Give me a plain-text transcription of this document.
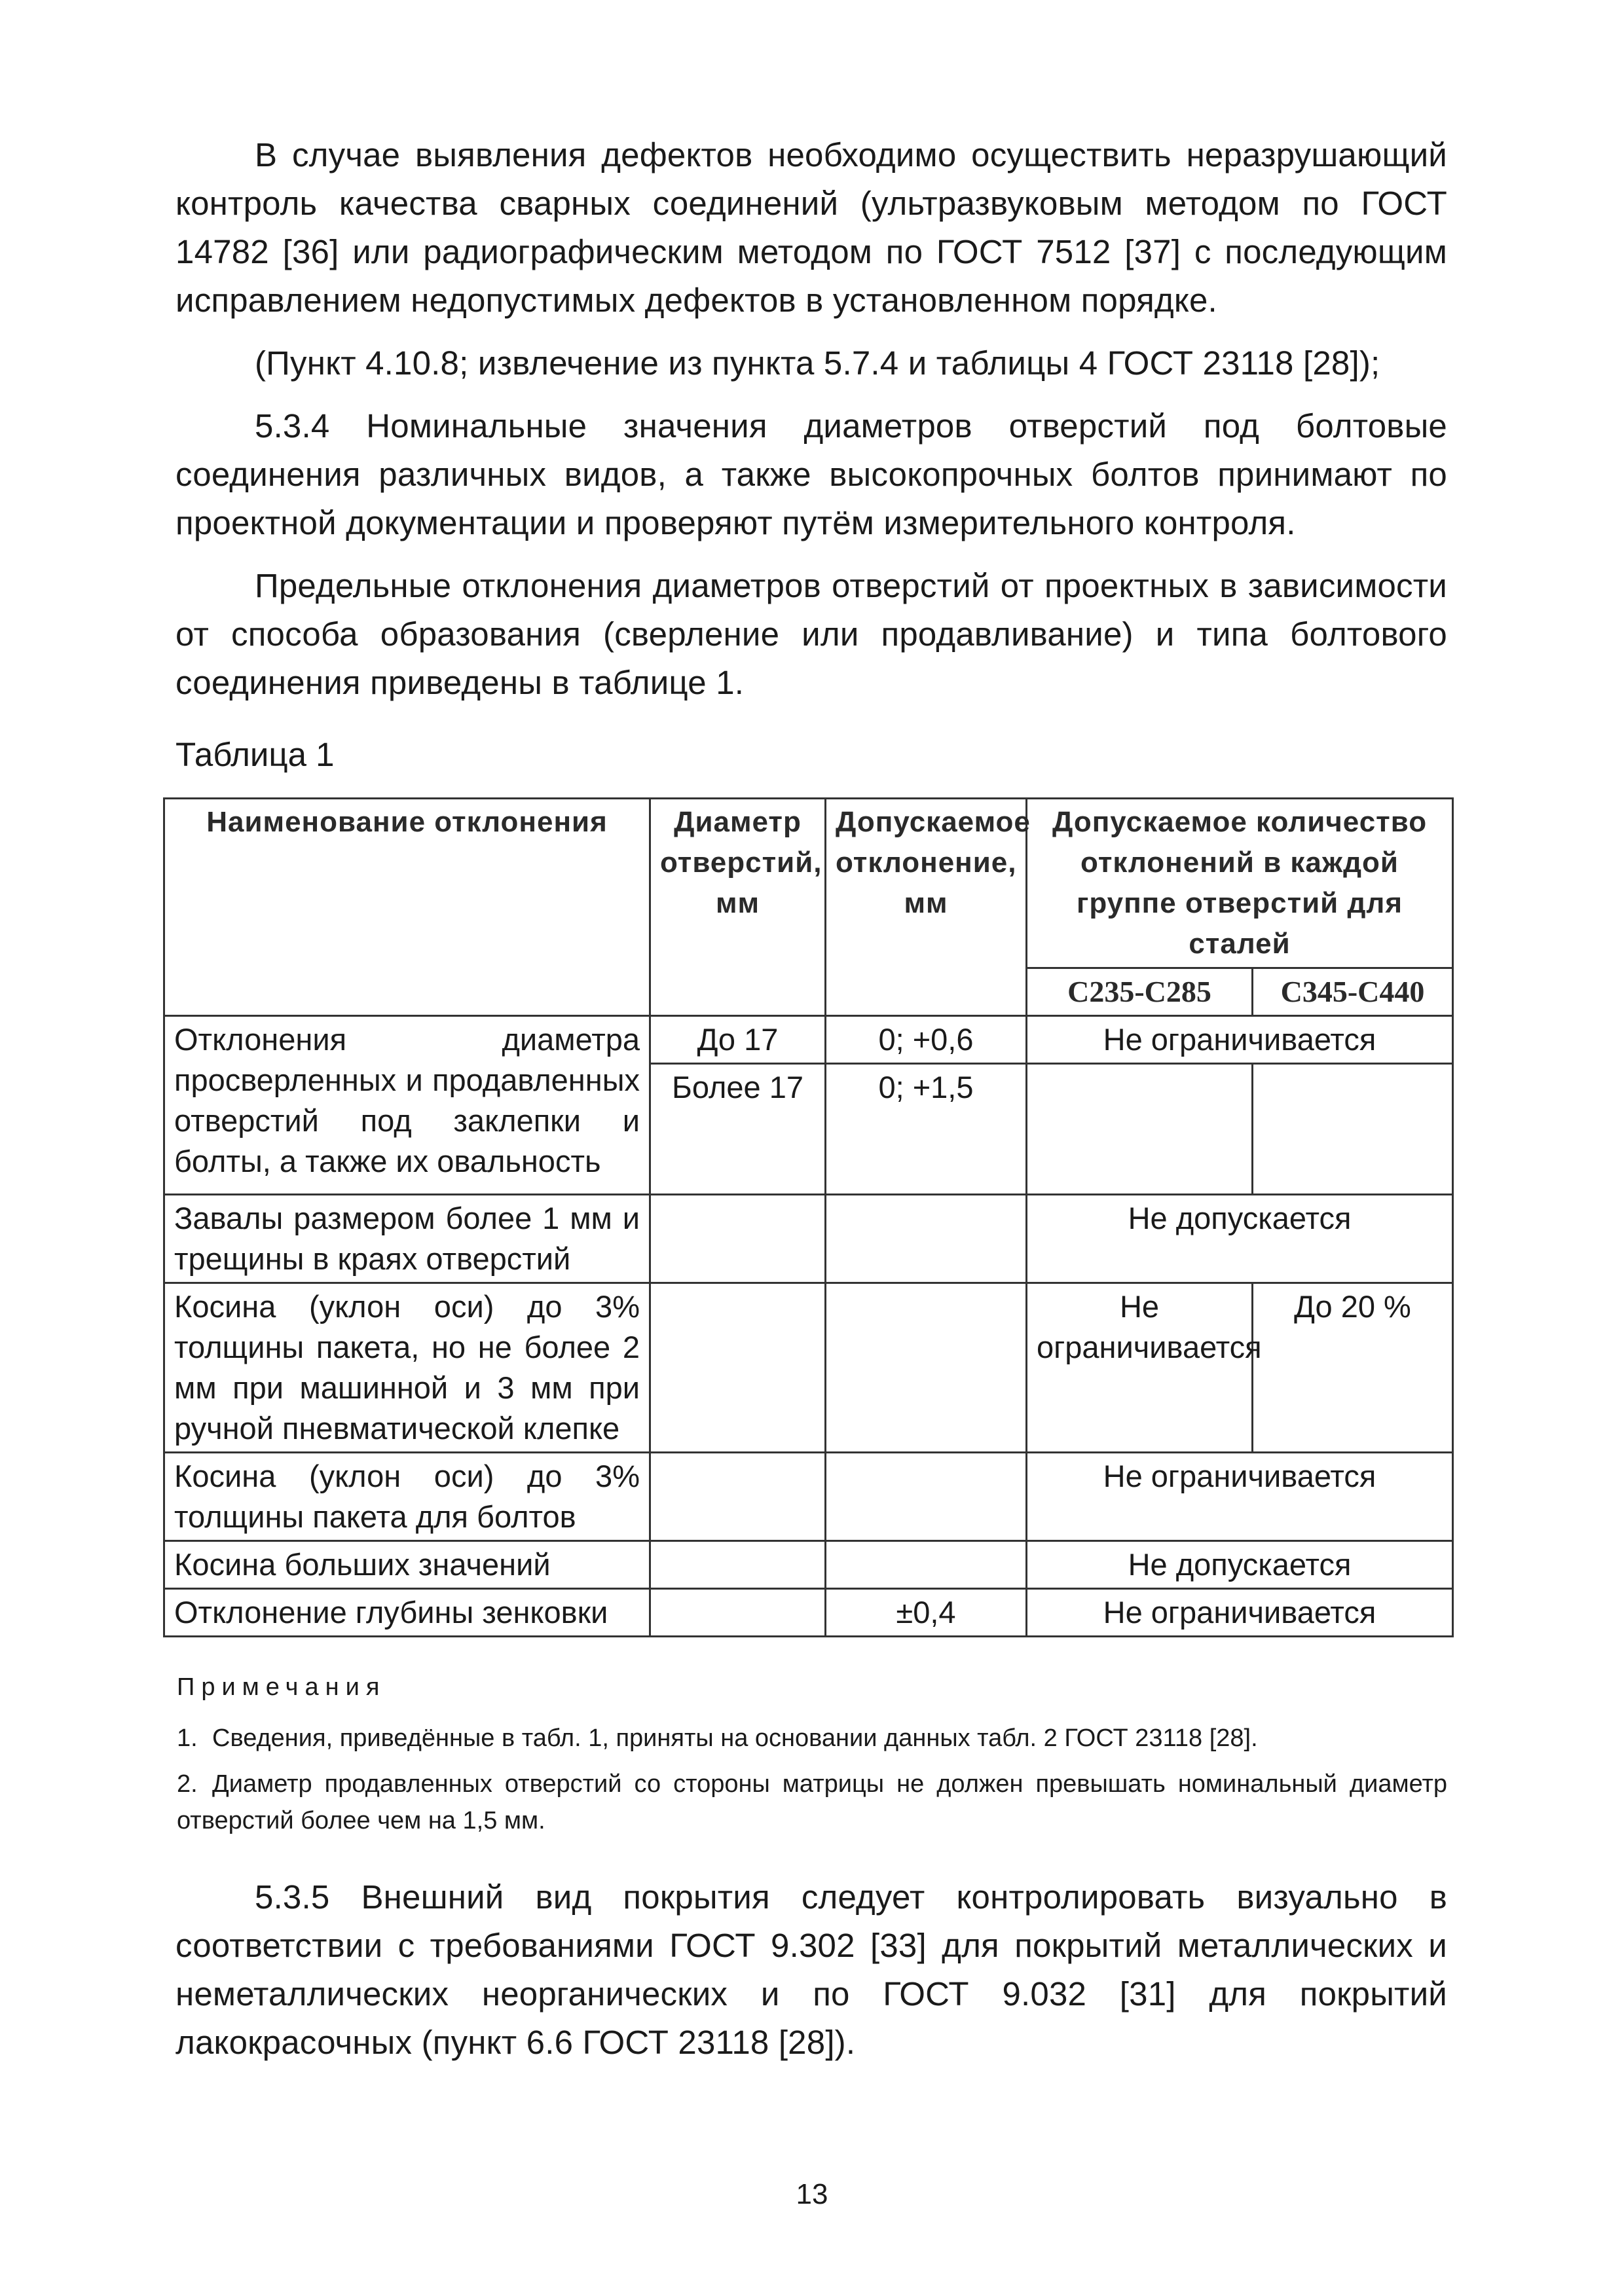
В случае выявления дефектов необходимо осуществить неразрушающий контроль качества сварных соединений (ультразвуковым методом по ГОСТ 14782 [36] или радиографическим методом по ГОСТ 7512 [37] с последующим исправлением недопустимых дефектов в установленном порядке.

(Пункт 4.10.8; извлечение из пункта 5.7.4 и таблицы 4 ГОСТ 23118 [28]);

5.3.4 Номинальные значения диаметров отверстий под болтовые соединения различных видов, а также высокопрочных болтов принимают по проектной документации и проверяют путём измерительного контроля.

Предельные отклонения диаметров отверстий от проектных в зависимости от способа образования (сверление или продавливание) и типа болтового соединения приведены в таблице 1.

Таблица 1
Наименование отклонения	Диаметр отверстий, мм	Допускаемое отклонение, мм	Допускаемое количество отклонений в каждой группе отверстий для сталей	
			С235-С285	С345-С440
Отклонения диаметра просверленных и продавленных отверстий под заклепки и болты, а также их овальность	До 17	0; +0,6	Не ограничивается	
	Более 17	0; +1,5		
Завалы размером более 1 мм и трещины в краях отверстий			Не допускается	
Косина (уклон оси) до 3% толщины пакета, но не более 2 мм при машинной и 3 мм при ручной пневматической клепке			Не ограничивается	До 20 %
Косина (уклон оси) до 3% толщины пакета для болтов			Не ограничивается	
Косина больших значений			Не допускается	
Отклонение глубины зенковки		±0,4	Не ограничивается	
Примечания

1. Сведения, приведённые в табл. 1, приняты на основании данных табл. 2 ГОСТ 23118 [28].

2. Диаметр продавленных отверстий со стороны матрицы не должен превышать номинальный диаметр отверстий более чем на 1,5 мм.

5.3.5 Внешний вид покрытия следует контролировать визуально в соответствии с требованиями ГОСТ 9.302 [33] для покрытий металлических и неметаллических неорганических и по ГОСТ 9.032 [31] для покрытий лакокрасочных (пункт 6.6 ГОСТ 23118 [28]).

13
